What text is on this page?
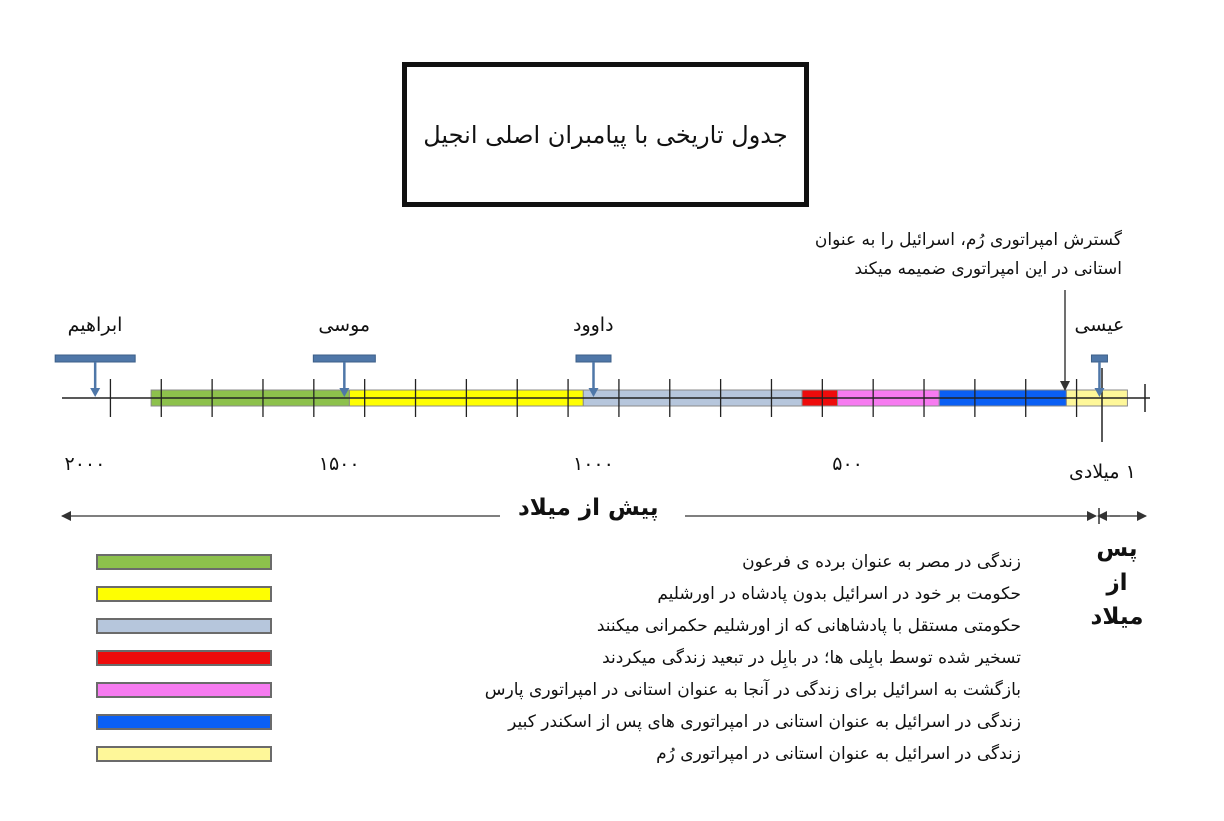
جدول تاریخی با پیامبران اصلی انجیل
گسترش امپراتوری رُم، اسرائیل را به عنوان استانی در این امپراتوری ضمیمه میکند
ابراهیم	موسی	داوود	عیسی
۲۰۰۰	۱۵۰۰	۱۰۰۰	۵۰۰	۱ میلادی
پیش از میلاد
پس از میلاد
زندگی در مصر به عنوان برده ی فرعون
حکومت بر خود در اسرائیل بدون پادشاه در اورشلیم
حکومتی مستقل با پادشاهانی که از اورشلیم حکمرانی میکنند
تسخیر شده توسط بابِلی ها؛ در بابِل در تبعید زندگی میکردند
بازگشت به اسرائیل برای زندگی در آنجا به عنوان استانی در امپراتوری پارس
زندگی در اسرائیل به عنوان استانی در امپراتوری های پس از اسکندر کبیر
زندگی در اسرائیل به عنوان استانی در امپراتوری رُم
